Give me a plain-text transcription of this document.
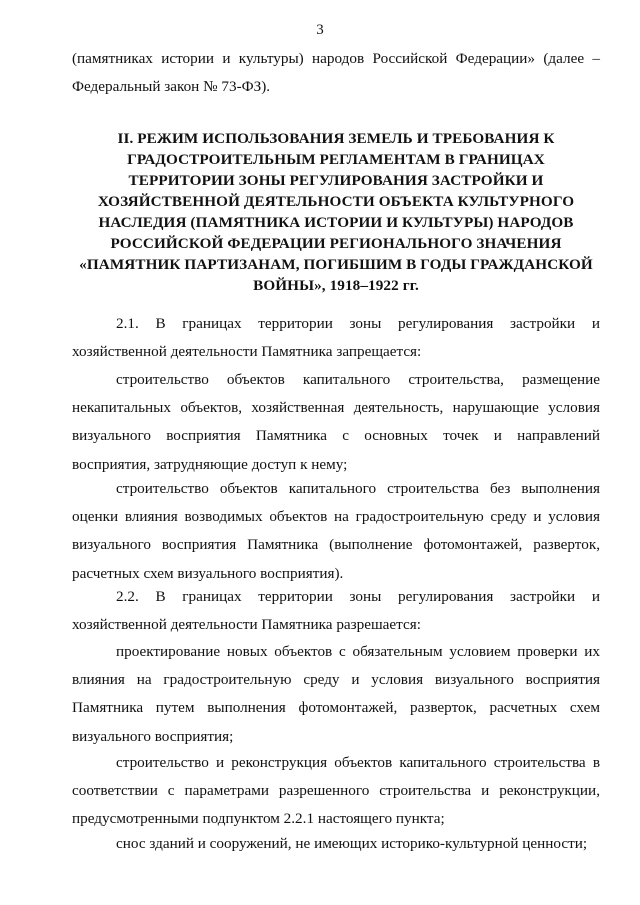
3
(памятниках истории и культуры) народов Российской Федерации» (далее –
Федеральный закон № 73-ФЗ).
II. РЕЖИМ ИСПОЛЬЗОВАНИЯ ЗЕМЕЛЬ И ТРЕБОВАНИЯ К
ГРАДОСТРОИТЕЛЬНЫМ РЕГЛАМЕНТАМ В ГРАНИЦАХ
ТЕРРИТОРИИ ЗОНЫ РЕГУЛИРОВАНИЯ ЗАСТРОЙКИ И
ХОЗЯЙСТВЕННОЙ ДЕЯТЕЛЬНОСТИ ОБЪЕКТА КУЛЬТУРНОГО
НАСЛЕДИЯ (ПАМЯТНИКА ИСТОРИИ И КУЛЬТУРЫ) НАРОДОВ
РОССИЙСКОЙ ФЕДЕРАЦИИ РЕГИОНАЛЬНОГО ЗНАЧЕНИЯ
«ПАМЯТНИК ПАРТИЗАНАМ, ПОГИБШИМ В ГОДЫ ГРАЖДАНСКОЙ
ВОЙНЫ», 1918–1922 гг.
2.1. В границах территории зоны регулирования застройки и
хозяйственной деятельности Памятника запрещается:
строительство объектов капитального строительства, размещение
некапитальных объектов, хозяйственная деятельность, нарушающие условия
визуального восприятия Памятника с основных точек и направлений
восприятия, затрудняющие доступ к нему;
строительство объектов капитального строительства без выполнения
оценки влияния возводимых объектов на градостроительную среду и условия
визуального восприятия Памятника (выполнение фотомонтажей, разверток,
расчетных схем визуального восприятия).
2.2. В границах территории зоны регулирования застройки и
хозяйственной деятельности Памятника разрешается:
проектирование новых объектов с обязательным условием проверки их
влияния на градостроительную среду и условия визуального восприятия
Памятника путем выполнения фотомонтажей, разверток, расчетных схем
визуального восприятия;
строительство и реконструкция объектов капитального строительства в
соответствии с параметрами разрешенного строительства и реконструкции,
предусмотренными подпунктом 2.2.1 настоящего пункта;
снос зданий и сооружений, не имеющих историко-культурной ценности;
